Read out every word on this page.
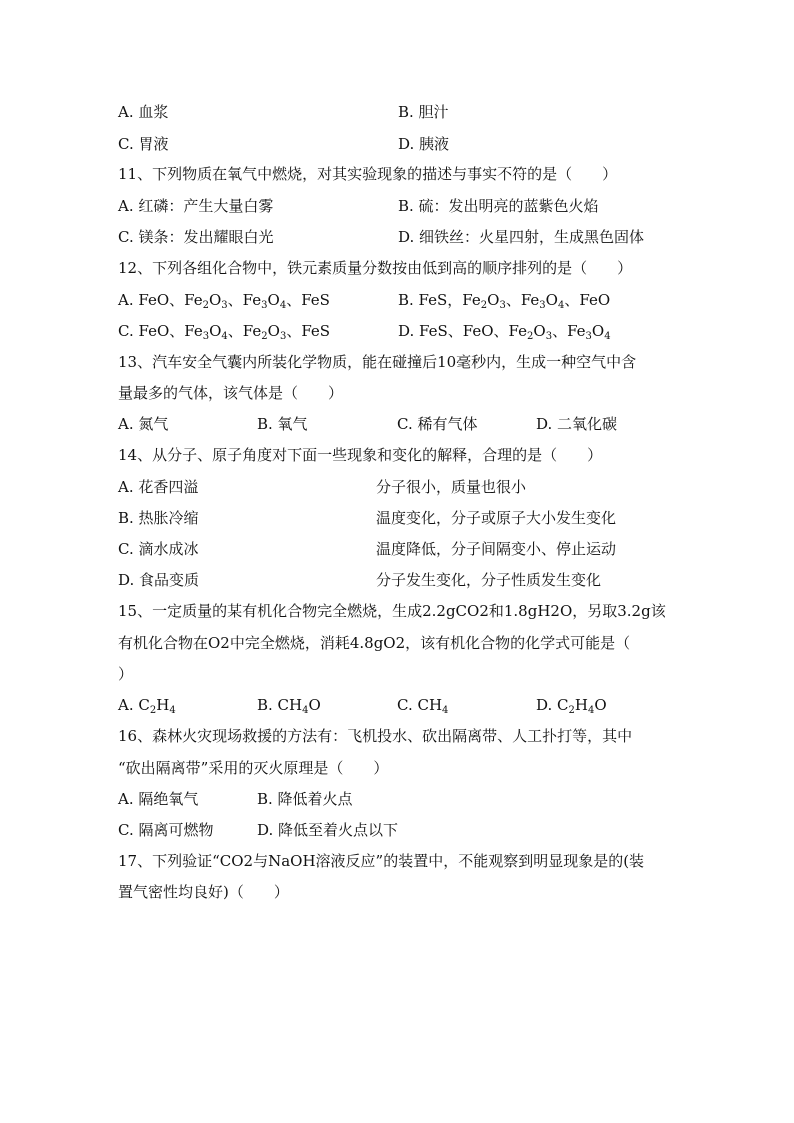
A. 血浆	B. 胆汁
C. 胃液	D. 胰液
11、下列物质在氧气中燃烧，对其实验现象的描述与事实不符的是（　　）
A. 红磷：产生大量白雾	B. 硫：发出明亮的蓝紫色火焰
C. 镁条：发出耀眼白光	D. 细铁丝：火星四射，生成黑色固体
12、下列各组化合物中，铁元素质量分数按由低到高的顺序排列的是（　　）
A. FeO、$Fe_2O_3$、$Fe_3O_4$、FeS	B. FeS，$Fe_2O_3$、$Fe_3O_4$、FeO
C. FeO、$Fe_3O_4$、$Fe_2O_3$、FeS	D. FeS、FeO、$Fe_2O_3$、$Fe_3O_4$
13、汽车安全气囊内所装化学物质，能在碰撞后10毫秒内，生成一种空气中含
量最多的气体，该气体是（　　）
A. 氮气	B. 氧气	C. 稀有气体	D. 二氧化碳
14、从分子、原子角度对下面一些现象和变化的解释，合理的是（　　）
A. 花香四溢	分子很小，质量也很小
B. 热胀冷缩	温度变化，分子或原子大小发生变化
C. 滴水成冰	温度降低，分子间隔变小、停止运动
D. 食品变质	分子发生变化，分子性质发生变化
15、一定质量的某有机化合物完全燃烧，生成2.2gCO2和1.8gH2O，另取3.2g该
有机化合物在O2中完全燃烧，消耗4.8gO2，该有机化合物的化学式可能是（
）
A. $C_2H_4$	B. $CH_4O$	C. $CH_4$	D. $C_2H_4O$
16、森林火灾现场救援的方法有：飞机投水、砍出隔离带、人工扑打等，其中
“砍出隔离带”采用的灭火原理是（　　）
A. 隔绝氧气	B. 降低着火点
C. 隔离可燃物	D. 降低至着火点以下
17、下列验证“CO2与NaOH溶液反应”的装置中，不能观察到明显现象是的(装
置气密性均良好)（　　）
